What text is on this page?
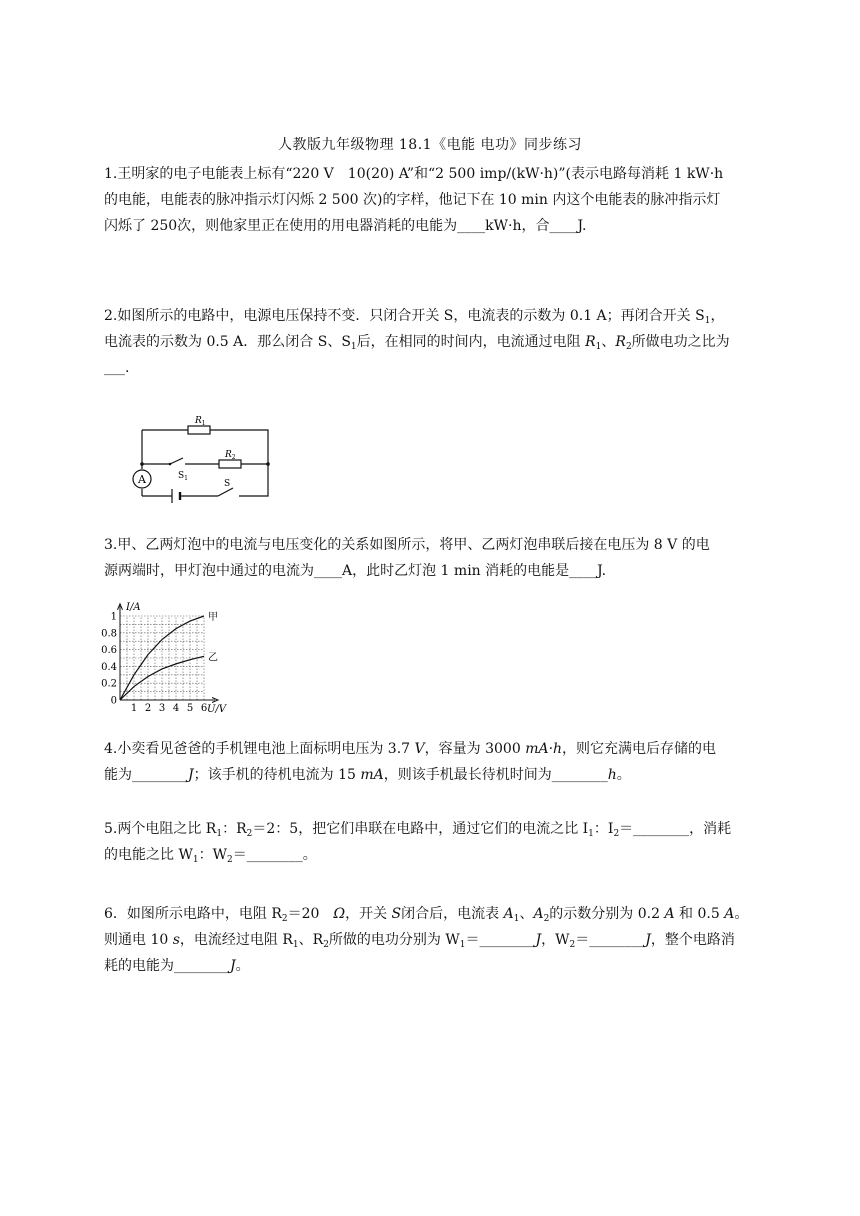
人教版九年级物理 18.1《电能 电功》同步练习
1.王明家的电子电能表上标有“220 V　10(20) A”和“2 500 imp/(kW·h)”(表示电路每消耗 1 kW·h
的电能，电能表的脉冲指示灯闪烁 2 500 次)的字样，他记下在 10 min 内这个电能表的脉冲指示灯
闪烁了 250次，则他家里正在使用的用电器消耗的电能为____kW·h，合____J.
2.如图所示的电路中，电源电压保持不变．只闭合开关 S，电流表的示数为 0.1 A；再闭合开关 $S_1$，
电流表的示数为 0.5 A．那么闭合 S、$S_1$后，在相同的时间内，电流通过电阻 $R_1$、$R_2$所做电功之比为
___.
A
$R_1$
$R_2$
$S_1$
S
3.甲、乙两灯泡中的电流与电压变化的关系如图所示，将甲、乙两灯泡串联后接在电压为 8 V 的电
源两端时，甲灯泡中通过的电流为____A，此时乙灯泡 1 min 消耗的电能是____J.
1 2 3 4 5 6
0
0.2
0.4
0.6
0.8
1
I/A
U/V
甲
乙
4.小奕看见爸爸的手机锂电池上面标明电压为 3.7 V，容量为 3000 mA·h，则它充满电后存储的电
能为________J；该手机的待机电流为 15 mA，则该手机最长待机时间为________h。
5.两个电阻之比 $R_1$：$R_2=2$：5，把它们串联在电路中，通过它们的电流之比 $I_1$：$I_2=\_\_\_\_\_\_\_\_$，消耗
的电能之比 $W_1$：$W_2=\_\_\_\_\_\_\_\_$。
6．如图所示电路中，电阻 $R_2=20$　Ω，开关 S闭合后，电流表 $A_1$、$A_2$的示数分别为 0.2 A 和 0.5 A。
则通电 10 s，电流经过电阻 $R_1$、$R_2$所做的电功分别为 $W_1=\_\_\_\_\_\_\_\_J$，$W_2=\_\_\_\_\_\_\_\_J$，整个电路消
耗的电能为________J。
